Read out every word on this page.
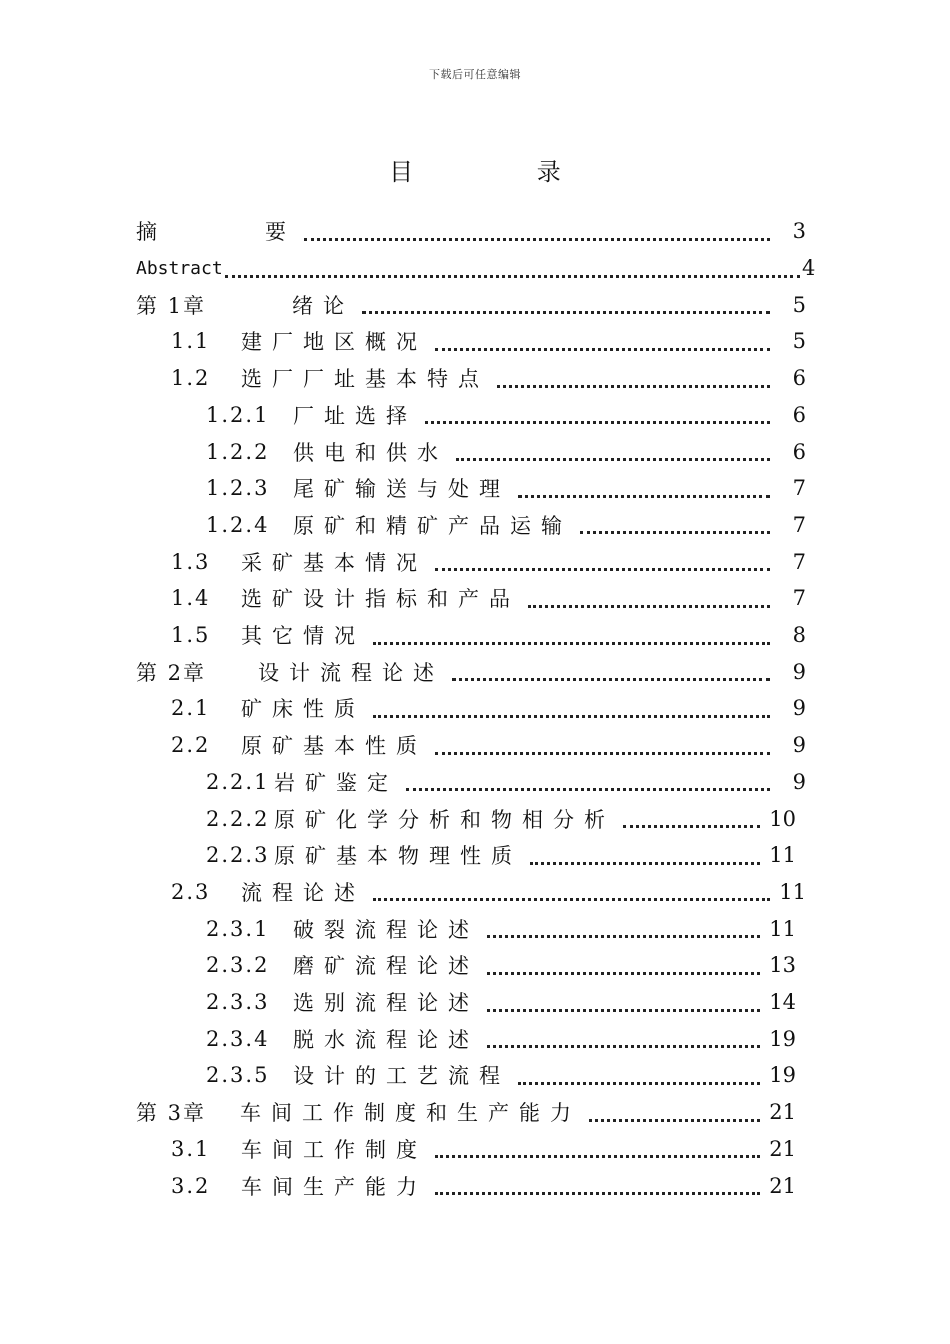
下载后可任意编辑
目 录
摘	要	3
Abstract	4
第 1章	绪论	5
1.1	建厂地区概况	5
1.2	选厂厂址基本特点	6
1.2.1	厂址选择	6
1.2.2	供电和供水	6
1.2.3	尾矿输送与处理	7
1.2.4	原矿和精矿产品运输	7
1.3	采矿基本情况	7
1.4	选矿设计指标和产品	7
1.5	其它情况	8
第 2章	设计流程论述	9
2.1	矿床性质	9
2.2	原矿基本性质	9
2.2.1 岩矿鉴定	9
2.2.2 原矿化学分析和物相分析	10
2.2.3 原矿基本物理性质	11
2.3	流程论述	11
2.3.1	破裂流程论述	11
2.3.2	磨矿流程论述	13
2.3.3	选别流程论述	14
2.3.4	脱水流程论述	19
2.3.5	设计的工艺流程	19
第 3章	车间工作制度和生产能力	21
3.1	车间工作制度	21
3.2	车间生产能力	21
